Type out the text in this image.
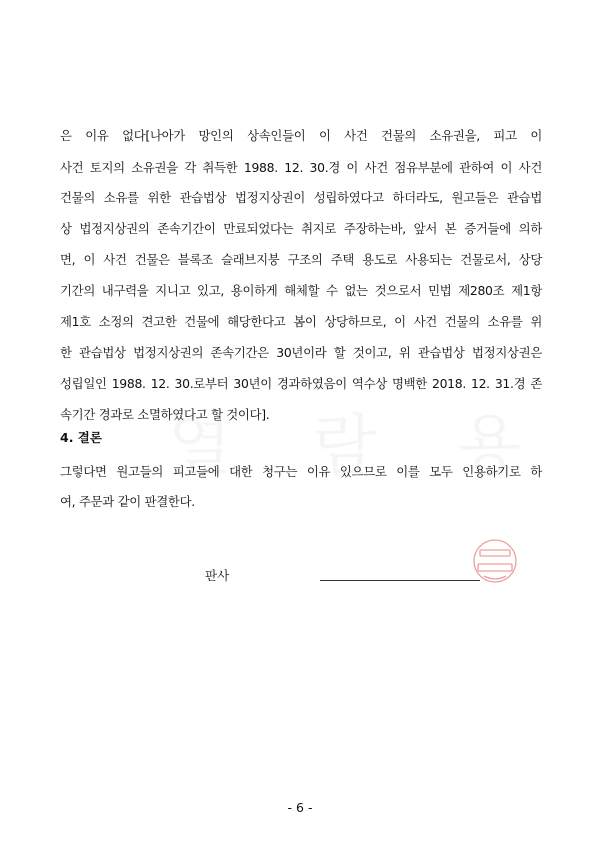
은 이유 없다[나아가 망인의 상속인들이 이 사건 건물의 소유권을, 피고 이
사건 토지의 소유권을 각 취득한 1988. 12. 30.경 이 사건 점유부분에 관하여 이 사건
건물의 소유를 위한 관습법상 법정지상권이 성립하였다고 하더라도, 원고들은 관습법
상 법정지상권의 존속기간이 만료되었다는 취지로 주장하는바, 앞서 본 증거들에 의하
면, 이 사건 건물은 블록조 슬래브지붕 구조의 주택 용도로 사용되는 건물로서, 상당
기간의 내구력을 지니고 있고, 용이하게 해체할 수 없는 것으로서 민법 제280조 제1항
제1호 소정의 견고한 건물에 해당한다고 봄이 상당하므로, 이 사건 건물의 소유를 위
한 관습법상 법정지상권의 존속기간은 30년이라 할 것이고, 위 관습법상 법정지상권은
성립일인 1988. 12. 30.로부터 30년이 경과하였음이 역수상 명백한 2018. 12. 31.경 존
속기간 경과로 소멸하였다고 할 것이다].
4. 결론
그렇다면 원고들의 피고들에 대한 청구는 이유 있으므로 이를 모두 인용하기로 하
여, 주문과 같이 판결한다.
판사
- 6 -
